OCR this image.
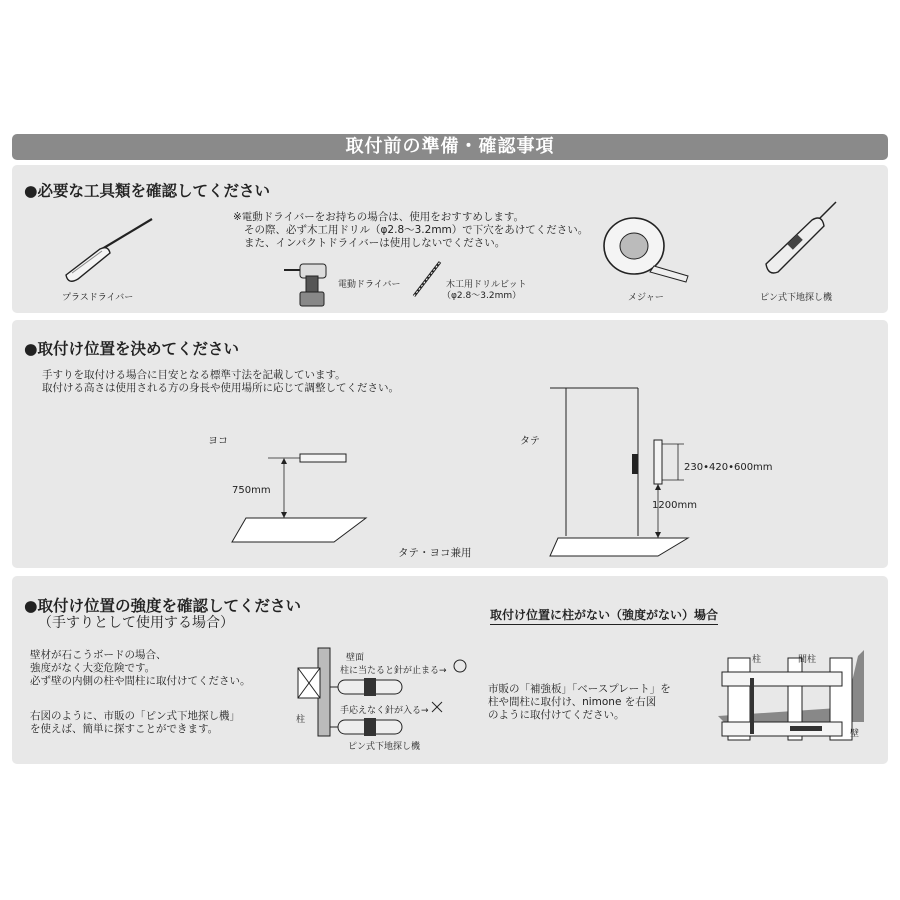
取付前の準備・確認事項
●必要な工具類を確認してください
※電動ドライバーをお持ちの場合は、使用をおすすめします。
その際、必ず木工用ドリル（φ2.8～3.2mm）で下穴をあけてください。
また、インパクトドライバーは使用しないでください。
プラスドライバー
電動ドライバー	木工用ドリルビット
（φ2.8～3.2mm）	メジャー	ピン式下地探し機
●取付け位置を決めてください
手すりを取付ける場合に目安となる標準寸法を記載しています。
取付ける高さは使用される方の身長や使用場所に応じて調整してください。
ヨコ
750mm
タテ・ヨコ兼用
タテ
230•420•600mm
1200mm
●取付け位置の強度を確認してください
（手すりとして使用する場合）
壁材が石こうボードの場合、
強度がなく大変危険です。
必ず壁の内側の柱や間柱に取付けてください。
右図のように、市販の「ピン式下地探し機」
を使えば、簡単に探すことができます。
壁面
柱に当たると針が止まる→
柱
手応えなく針が入る→
ピン式下地探し機
取付け位置に柱がない（強度がない）場合
市販の「補強板」「ベースプレート」を
柱や間柱に取付け、nimone を右図
のように取付けてください。
柱	間柱
壁
